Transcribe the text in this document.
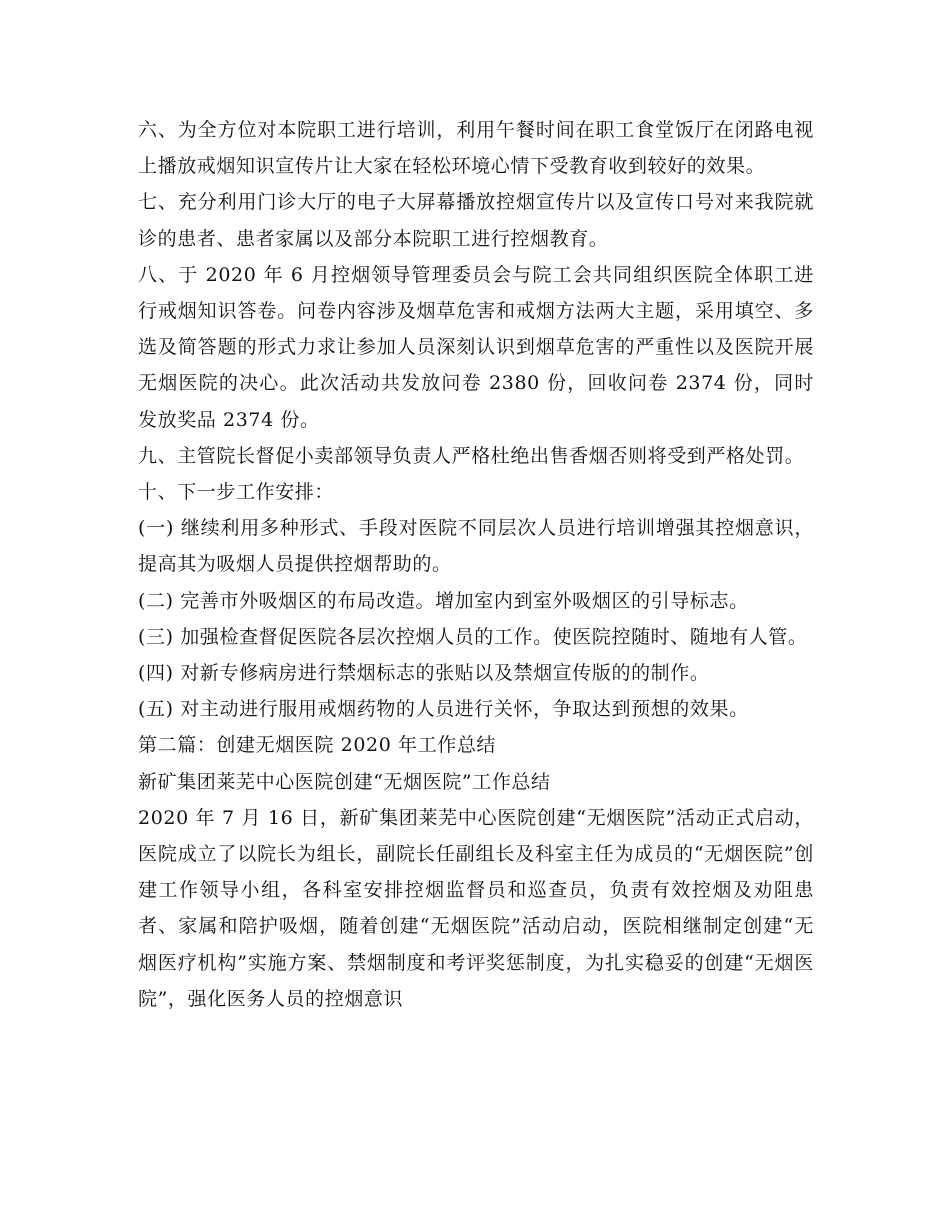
六、为全方位对本院职工进行培训，利用午餐时间在职工食堂饭厅在闭路电视上播放戒烟知识宣传片让大家在轻松环境心情下受教育收到较好的效果。

七、充分利用门诊大厅的电子大屏幕播放控烟宣传片以及宣传口号对来我院就诊的患者、患者家属以及部分本院职工进行控烟教育。

八、于 2020 年 6 月控烟领导管理委员会与院工会共同组织医院全体职工进行戒烟知识答卷。问卷内容涉及烟草危害和戒烟方法两大主题，采用填空、多选及简答题的形式力求让参加人员深刻认识到烟草危害的严重性以及医院开展无烟医院的决心。此次活动共发放问卷 2380 份，回收问卷 2374 份，同时发放奖品 2374 份。

九、主管院长督促小卖部领导负责人严格杜绝出售香烟否则将受到严格处罚。

十、下一步工作安排：

(一) 继续利用多种形式、手段对医院不同层次人员进行培训增强其控烟意识，提高其为吸烟人员提供控烟帮助的。

(二) 完善市外吸烟区的布局改造。增加室内到室外吸烟区的引导标志。

(三) 加强检查督促医院各层次控烟人员的工作。使医院控随时、随地有人管。

(四) 对新专修病房进行禁烟标志的张贴以及禁烟宣传版的的制作。

(五) 对主动进行服用戒烟药物的人员进行关怀，争取达到预想的效果。

第二篇：创建无烟医院 2020 年工作总结

新矿集团莱芜中心医院创建“无烟医院”工作总结

2020 年 7 月 16 日，新矿集团莱芜中心医院创建“无烟医院”活动正式启动，医院成立了以院长为组长，副院长任副组长及科室主任为成员的“无烟医院”创建工作领导小组，各科室安排控烟监督员和巡查员，负责有效控烟及劝阻患者、家属和陪护吸烟，随着创建“无烟医院”活动启动，医院相继制定创建“无烟医疗机构”实施方案、禁烟制度和考评奖惩制度，为扎实稳妥的创建“无烟医院”，强化医务人员的控烟意识
